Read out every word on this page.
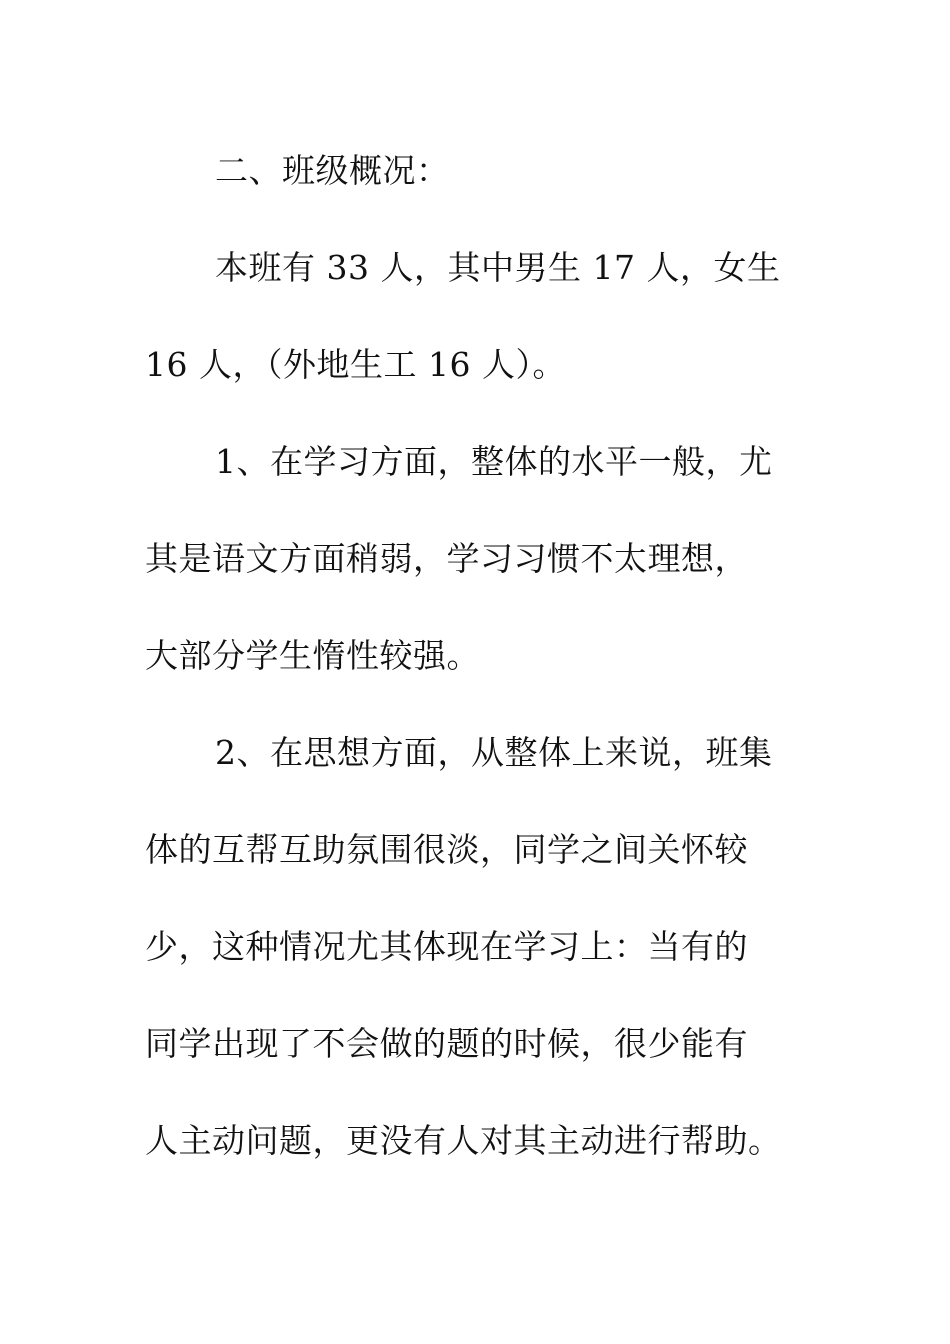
二、班级概况：

本班有 33 人，其中男生 17 人，女生
16 人，（外地生工 16 人）。

1、在学习方面，整体的水平一般，尤
其是语文方面稍弱，学习习惯不太理想，
大部分学生惰性较强。

2、在思想方面，从整体上来说，班集
体的互帮互助氛围很淡，同学之间关怀较
少，这种情况尤其体现在学习上：当有的
同学出现了不会做的题的时候，很少能有
人主动问题，更没有人对其主动进行帮助。
